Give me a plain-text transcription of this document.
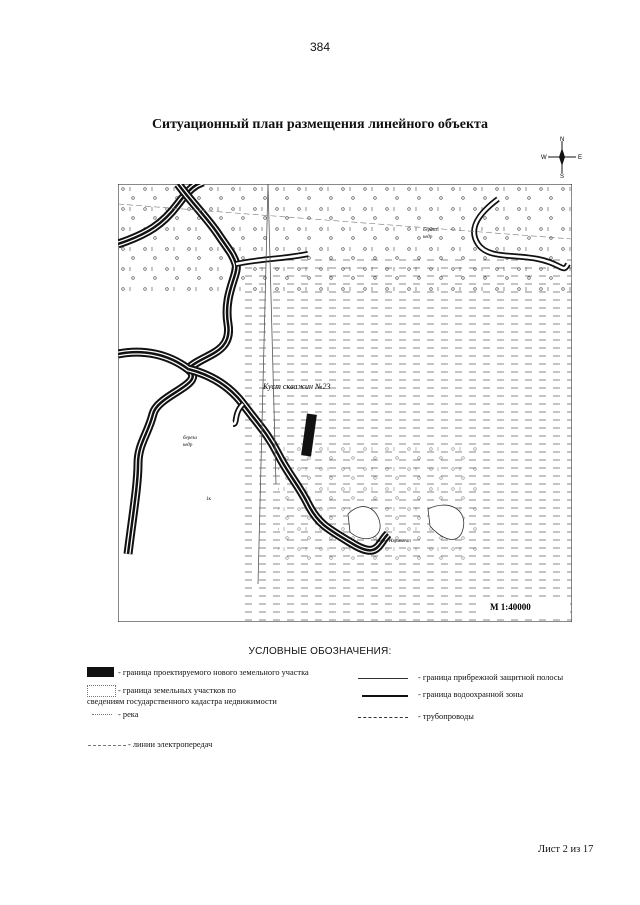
384
Ситуационный план размещения линейного объекта
N
S
W	E
Куст скважин №23
береза
кедр
береза
кедр
озеро Нярмысап
1к
М 1:40000
УСЛОВНЫЕ ОБОЗНАЧЕНИЯ:
- граница проектируемого нового земельного участка
- граница земельных участков по
сведениям государственного кадастра недвижимости
- река
- линии электропередач
- граница прибрежной защитной полосы
- граница водоохранной зоны
- трубопроводы
Лист 2 из 17
